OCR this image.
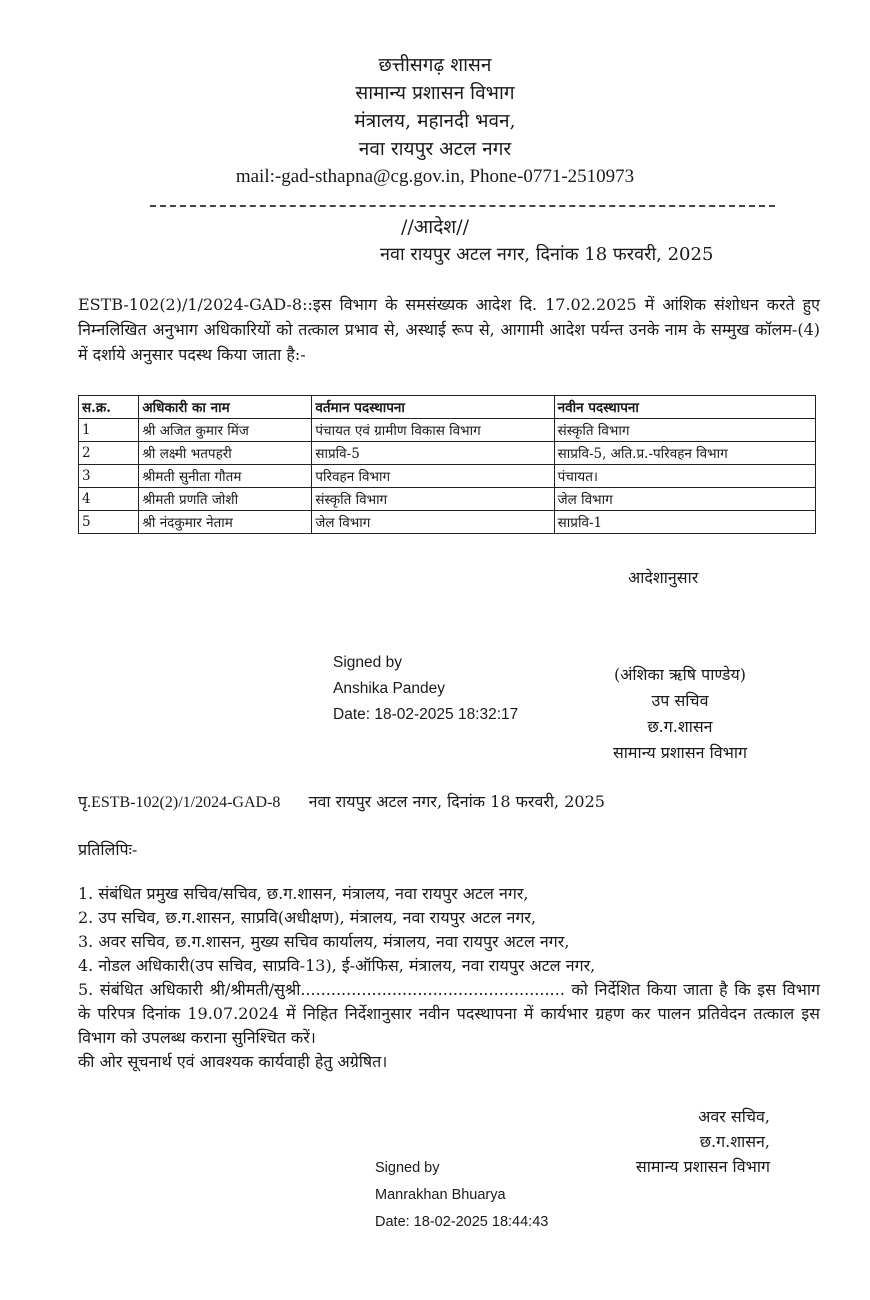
छत्तीसगढ़ शासन
सामान्य प्रशासन विभाग
मंत्रालय, महानदी भवन,
नवा रायपुर अटल नगर
mail:-gad-sthapna@cg.gov.in, Phone-0771-2510973
//आदेश//
नवा रायपुर अटल नगर, दिनांक 18 फरवरी, 2025
ESTB-102(2)/1/2024-GAD-8::इस विभाग के समसंख्यक आदेश दि. 17.02.2025 में आंशिक संशोधन करते हुए निम्नलिखित अनुभाग अधिकारियों को तत्काल प्रभाव से, अस्थाई रूप से, आगामी आदेश पर्यन्त उनके नाम के सम्मुख कॉलम-(4) में दर्शाये अनुसार पदस्थ किया जाता है:-
स.क्र.	अधिकारी का नाम	वर्तमान पदस्थापना	नवीन पदस्थापना
1	श्री अजित कुमार मिंज	पंचायत एवं ग्रामीण विकास विभाग	संस्कृति विभाग
2	श्री लक्ष्मी भतपहरी	साप्रवि-5	साप्रवि-5, अति.प्र.-परिवहन विभाग
3	श्रीमती सुनीता गौतम	परिवहन विभाग	पंचायत।
4	श्रीमती प्रणति जोशी	संस्कृति विभाग	जेल विभाग
5	श्री नंदकुमार नेताम	जेल विभाग	साप्रवि-1
आदेशानुसार
Signed by
Anshika Pandey
Date: 18-02-2025 18:32:17
(अंशिका ऋषि पाण्डेय)
उप सचिव
छ.ग.शासन
सामान्य प्रशासन विभाग
पृ.ESTB-102(2)/1/2024-GAD-8 नवा रायपुर अटल नगर, दिनांक 18 फरवरी, 2025
प्रतिलिपिः-
1. संबंधित प्रमुख सचिव/सचिव, छ.ग.शासन, मंत्रालय, नवा रायपुर अटल नगर,
2. उप सचिव, छ.ग.शासन, साप्रवि(अधीक्षण), मंत्रालय, नवा रायपुर अटल नगर,
3. अवर सचिव, छ.ग.शासन, मुख्य सचिव कार्यालय, मंत्रालय, नवा रायपुर अटल नगर,
4. नोडल अधिकारी(उप सचिव, साप्रवि-13), ई-ऑफिस, मंत्रालय, नवा रायपुर अटल नगर,
5. संबंधित अधिकारी श्री/श्रीमती/सुश्री.................................................... को निर्देशित किया जाता है कि इस विभाग के परिपत्र दिनांक 19.07.2024 में निहित निर्देशानुसार नवीन पदस्थापना में कार्यभार ग्रहण कर पालन प्रतिवेदन तत्काल इस विभाग को उपलब्ध कराना सुनिश्चित करें।
की ओर सूचनार्थ एवं आवश्यक कार्यवाही हेतु अग्रेषित।
अवर सचिव,
छ.ग.शासन,
सामान्य प्रशासन विभाग
Signed by
Manrakhan Bhuarya
Date: 18-02-2025 18:44:43
